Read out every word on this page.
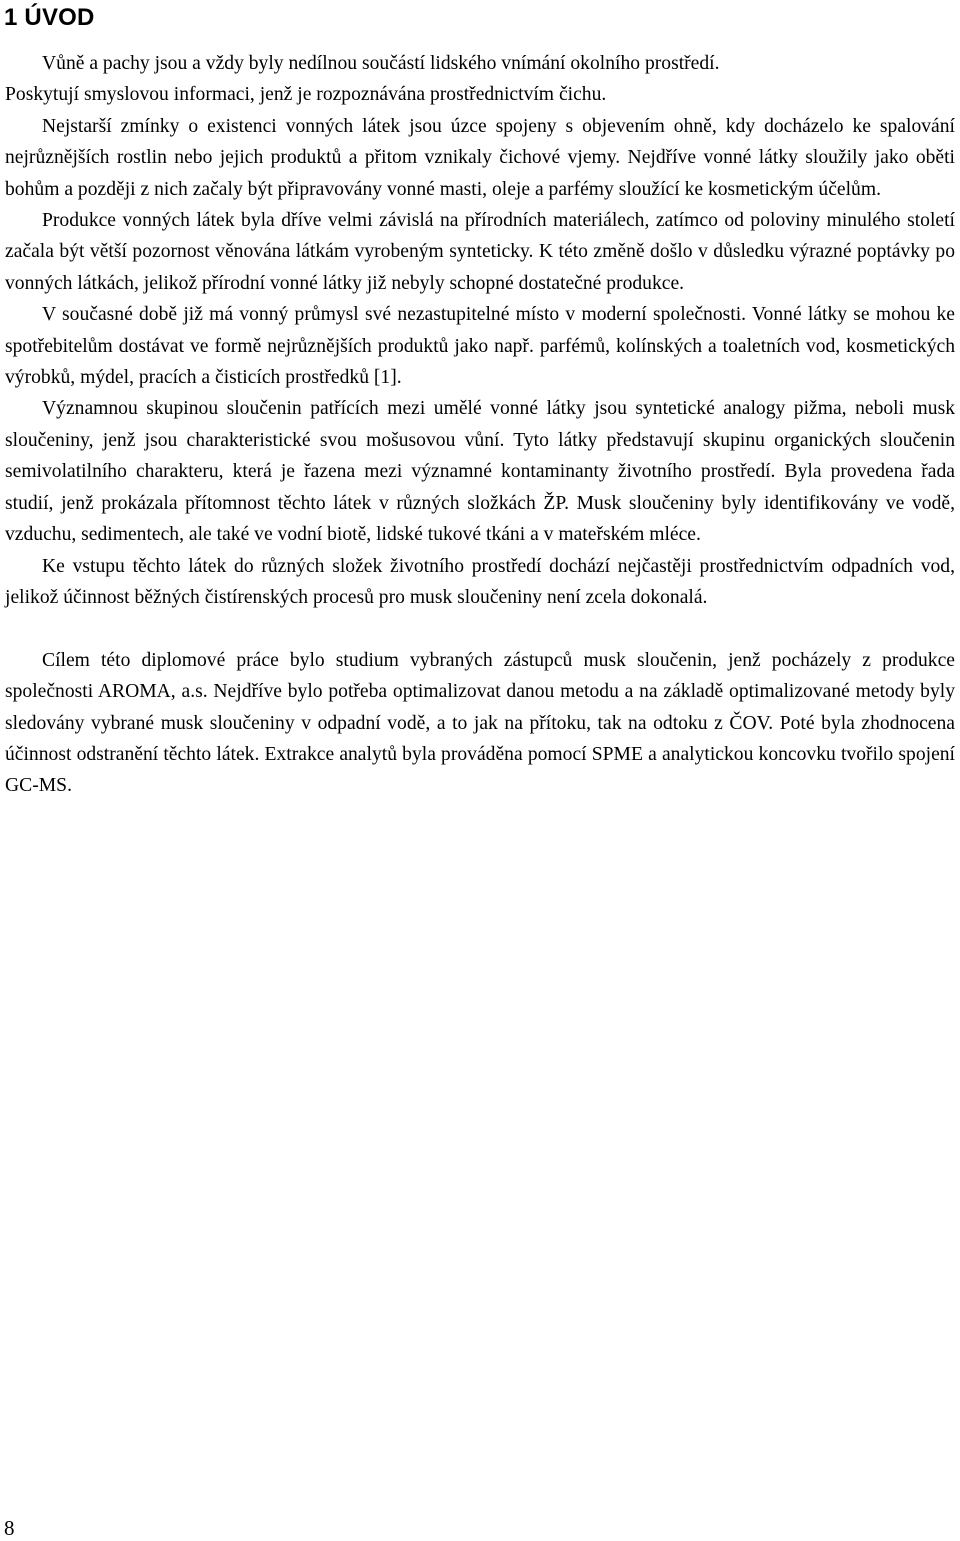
1 ÚVOD

Vůně a pachy jsou a vždy byly nedílnou součástí lidského vnímání okolního prostředí.

Poskytují smyslovou informaci, jenž je rozpoznávána prostřednictvím čichu.

Nejstarší zmínky o existenci vonných látek jsou úzce spojeny s objevením ohně, kdy docházelo ke spalování nejrůznějších rostlin nebo jejich produktů a přitom vznikaly čichové vjemy. Nejdříve vonné látky sloužily jako oběti bohům a později z nich začaly být připravovány vonné masti, oleje a parfémy sloužící ke kosmetickým účelům.

Produkce vonných látek byla dříve velmi závislá na přírodních materiálech, zatímco od poloviny minulého století začala být větší pozornost věnována látkám vyrobeným synteticky. K této změně došlo v důsledku výrazné poptávky po vonných látkách, jelikož přírodní vonné látky již nebyly schopné dostatečné produkce.

V současné době již má vonný průmysl své nezastupitelné místo v moderní společnosti. Vonné látky se mohou ke spotřebitelům dostávat ve formě nejrůznějších produktů jako např. parfémů, kolínských a toaletních vod, kosmetických výrobků, mýdel, pracích a čisticích prostředků [1].

Významnou skupinou sloučenin patřících mezi umělé vonné látky jsou syntetické analogy pižma, neboli musk sloučeniny, jenž jsou charakteristické svou mošusovou vůní. Tyto látky představují skupinu organických sloučenin semivolatilního charakteru, která je řazena mezi významné kontaminanty životního prostředí. Byla provedena řada studií, jenž prokázala přítomnost těchto látek v různých složkách ŽP. Musk sloučeniny byly identifikovány ve vodě, vzduchu, sedimentech, ale také ve vodní biotě, lidské tukové tkáni a v mateřském mléce.

Ke vstupu těchto látek do různých složek životního prostředí dochází nejčastěji prostřednictvím odpadních vod, jelikož účinnost běžných čistírenských procesů pro musk sloučeniny není zcela dokonalá.

Cílem této diplomové práce bylo studium vybraných zástupců musk sloučenin, jenž pocházely z produkce společnosti AROMA, a.s. Nejdříve bylo potřeba optimalizovat danou metodu a na základě optimalizované metody byly sledovány vybrané musk sloučeniny v odpadní vodě, a to jak na přítoku, tak na odtoku z ČOV. Poté byla zhodnocena účinnost odstranění těchto látek. Extrakce analytů byla prováděna pomocí SPME a analytickou koncovku tvořilo spojení GC-MS.

8
